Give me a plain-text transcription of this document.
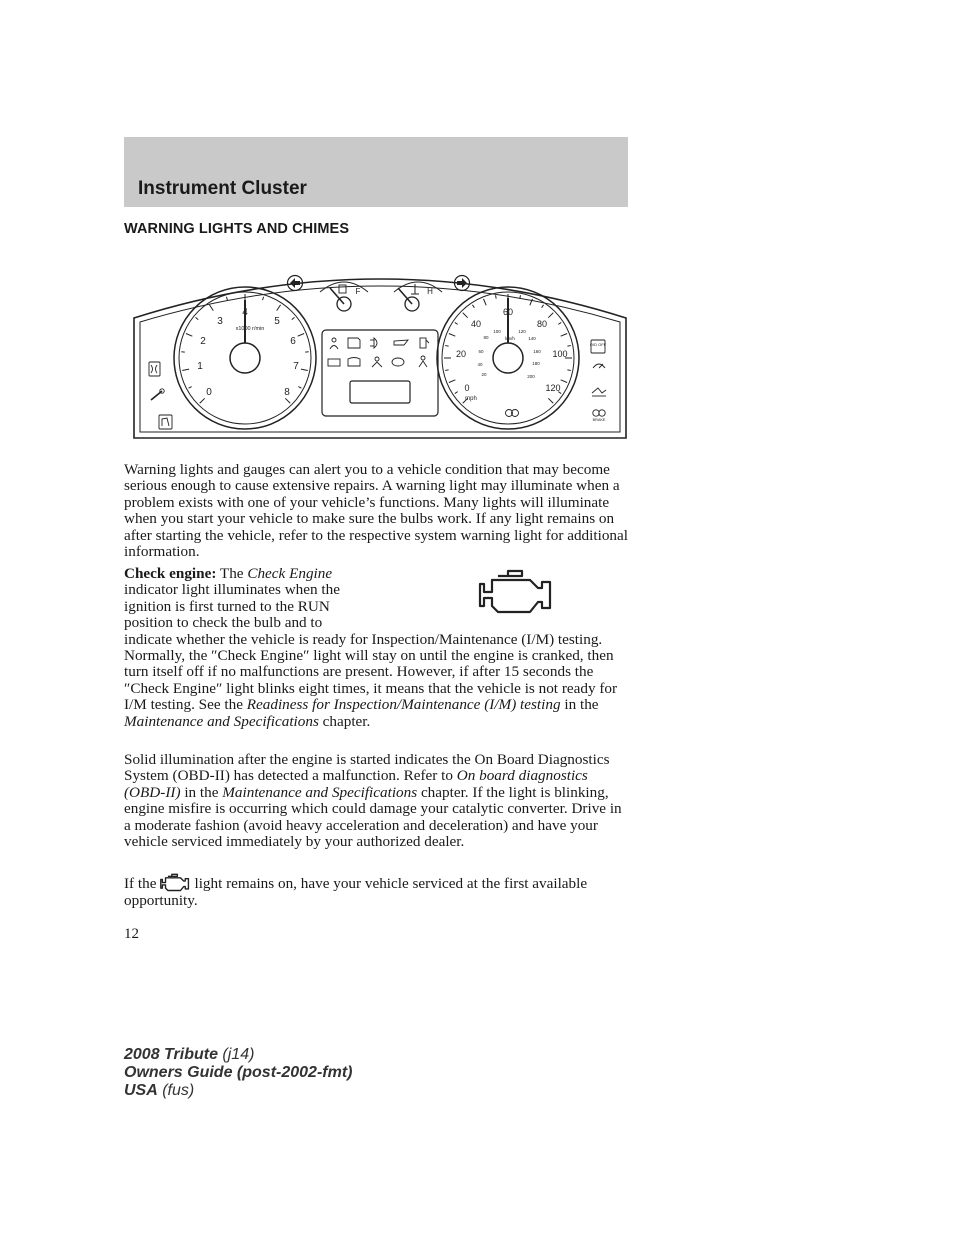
Instrument Cluster
WARNING LIGHTS AND CHIMES
0
1
2
3
4
5
6
7
8
x1000 r/min
0
20
40
60
80
100
120
20
40
60
80
100	120
140
160
180
200
mph
km/h
F	H
O/D OFF
BRAKE

Warning lights and gauges can alert you to a vehicle condition that may become serious enough to cause extensive repairs. A warning light may illuminate when a problem exists with one of your vehicle’s functions. Many lights will illuminate when you start your vehicle to make sure the bulbs work. If any light remains on after starting the vehicle, refer to the respective system warning light for additional information.

Check engine: The Check Engine indicator light illuminates when the ignition is first turned to the RUN position to check the bulb and to indicate whether the vehicle is ready for Inspection/Maintenance (I/M) testing. Normally, the ″Check Engine″ light will stay on until the engine is cranked, then turn itself off if no malfunctions are present. However, if after 15 seconds the ″Check Engine″ light blinks eight times, it means that the vehicle is not ready for I/M testing. See the Readiness for Inspection/Maintenance (I/M) testing in the Maintenance and Specifications chapter.

Solid illumination after the engine is started indicates the On Board Diagnostics System (OBD-II) has detected a malfunction. Refer to On board diagnostics (OBD-II) in the Maintenance and Specifications chapter. If the light is blinking, engine misfire is occurring which could damage your catalytic converter. Drive in a moderate fashion (avoid heavy acceleration and deceleration) and have your vehicle serviced immediately by your authorized dealer.

If the	light remains on, have your vehicle serviced at the first available opportunity.

12
2008 Tribute (j14)
Owners Guide (post-2002-fmt)
USA (fus)
